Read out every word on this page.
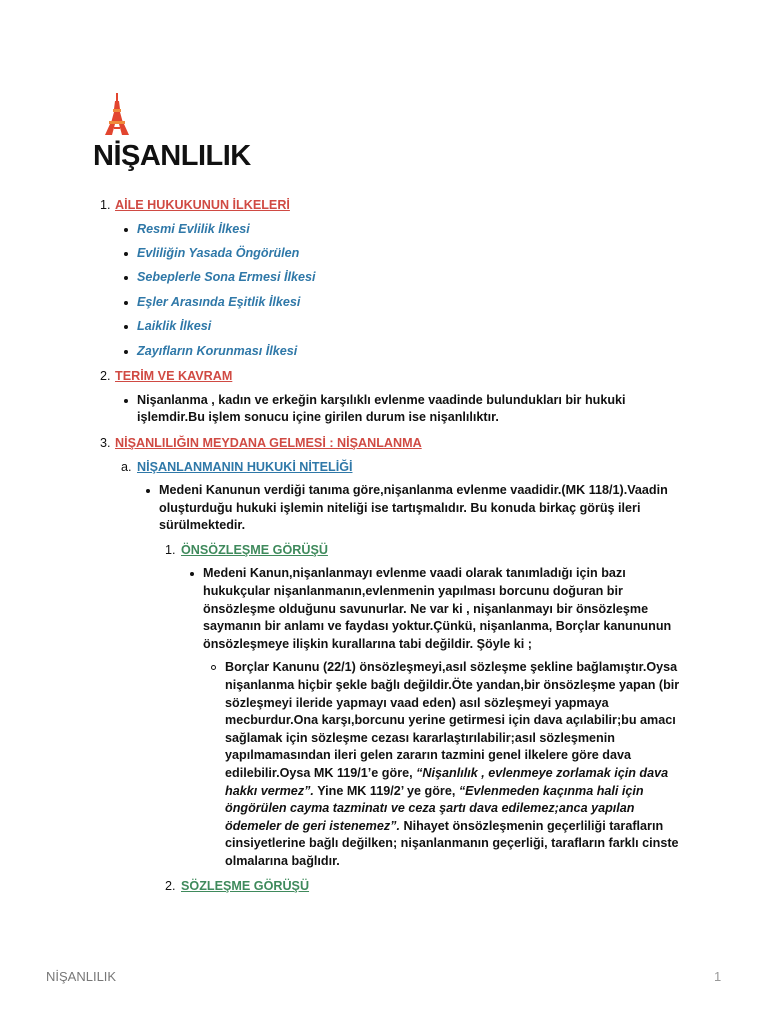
NİŞANLILIK
1. AİLE HUKUKUNUN İLKELERİ
Resmi Evlilik İlkesi
Evliliğin Yasada Öngörülen
Sebeplerle Sona Ermesi İlkesi
Eşler Arasında Eşitlik İlkesi
Laiklik İlkesi
Zayıfların Korunması İlkesi
2. TERİM VE KAVRAM
Nişanlanma , kadın ve erkeğin karşılıklı evlenme vaadinde bulundukları bir hukuki işlemdir.Bu işlem sonucu içine girilen durum ise nişanlılıktır.
3. NİŞANLILIĞIN MEYDANA GELMESİ : NİŞANLANMA
a. NİŞANLANMANIN HUKUKİ NİTELİĞİ
Medeni Kanunun verdiği tanıma göre,nişanlanma evlenme vaadidir.(MK 118/1).Vaadin oluşturduğu hukuki işlemin niteliği ise tartışmalıdır. Bu konuda birkaç görüş ileri sürülmektedir.
1. ÖNSÖZLEŞME GÖRÜŞÜ
Medeni Kanun,nişanlanmayı evlenme vaadi olarak tanımladığı için bazı hukukçular nişanlanmanın,evlenmenin yapılması borcunu doğuran bir önsözleşme olduğunu savunurlar. Ne var ki , nişanlanmayı bir önsözleşme saymanın bir anlamı ve faydası yoktur.Çünkü, nişanlanma, Borçlar kanununun önsözleşmeye ilişkin kurallarına tabi değildir. Şöyle ki ;
Borçlar Kanunu (22/1) önsözleşmeyi,asıl sözleşme şekline bağlamıştır.Oysa nişanlanma hiçbir şekle bağlı değildir.Öte yandan,bir önsözleşme yapan (bir sözleşmeyi ileride yapmayı vaad eden) asıl sözleşmeyi yapmaya mecburdur.Ona karşı,borcunu yerine getirmesi için dava açılabilir;bu amacı sağlamak için sözleşme cezası kararlaştırılabilir;asıl sözleşmenin yapılmamasından ileri gelen zararın tazmini genel ilkelere göre dava edilebilir.Oysa MK 119/1’e göre, “Nişanlılık , evlenmeye zorlamak için dava hakkı vermez”. Yine MK 119/2’ ye göre, “Evlenmeden kaçınma hali için öngörülen cayma tazminatı ve ceza şartı dava edilemez;anca yapılan ödemeler de geri istenemez”. Nihayet önsözleşmenin geçerliliği tarafların cinsiyetlerine bağlı değilken; nişanlanmanın geçerliği, tarafların farklı cinste olmalarına bağlıdır.
2. SÖZLEŞME GÖRÜŞÜ
NİŞANLILIK	1
